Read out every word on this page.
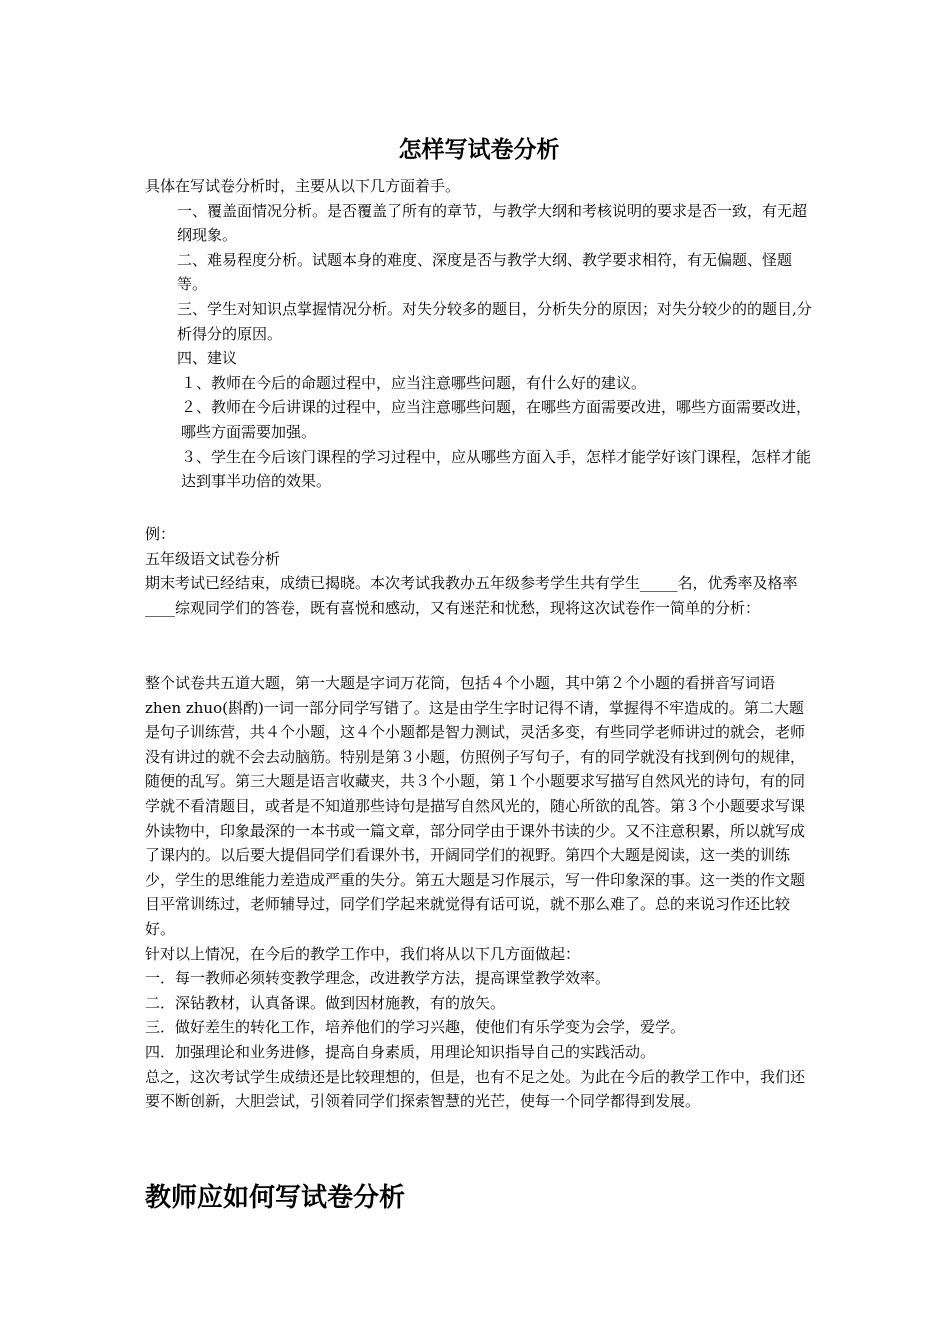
怎样写试卷分析

具体在写试卷分析时，主要从以下几方面着手。

一、覆盖面情况分析。是否覆盖了所有的章节，与教学大纲和考核说明的要求是否一致，有无超纲现象。

二、难易程度分析。试题本身的难度、深度是否与教学大纲、教学要求相符，有无偏题、怪题等。

三、学生对知识点掌握情况分析。对失分较多的题目，分析失分的原因；对失分较少的的题目,分析得分的原因。

四、建议

１、教师在今后的命题过程中，应当注意哪些问题，有什么好的建议。

２、教师在今后讲课的过程中，应当注意哪些问题，在哪些方面需要改进，哪些方面需要改进，哪些方面需要加强。

３、学生在今后该门课程的学习过程中，应从哪些方面入手，怎样才能学好该门课程，怎样才能达到事半功倍的效果。

例：

五年级语文试卷分析

期末考试已经结束，成绩已揭晓。本次考试我教办五年级参考学生共有学生_____名，优秀率及格率____综观同学们的答卷，既有喜悦和感动，又有迷茫和忧愁，现将这次试卷作一简单的分析：

整个试卷共五道大题，第一大题是字词万花筒，包括４个小题，其中第２个小题的看拼音写词语 zhen zhuo(斟酌)一词一部分同学写错了。这是由学生字时记得不请，掌握得不牢造成的。第二大题是句子训练营，共４个小题，这４个小题都是智力测试，灵活多变，有些同学老师讲过的就会，老师没有讲过的就不会去动脑筋。特别是第３小题，仿照例子写句子，有的同学就没有找到例句的规律，随便的乱写。第三大题是语言收藏夹，共３个小题，第１个小题要求写描写自然风光的诗句，有的同学就不看清题目，或者是不知道那些诗句是描写自然风光的，随心所欲的乱答。第３个小题要求写课外读物中，印象最深的一本书或一篇文章，部分同学由于课外书读的少。又不注意积累，所以就写成了课内的。以后要大提倡同学们看课外书，开阔同学们的视野。第四个大题是阅读，这一类的训练少，学生的思维能力差造成严重的失分。第五大题是习作展示，写一件印象深的事。这一类的作文题目平常训练过，老师辅导过，同学们学起来就觉得有话可说，就不那么难了。总的来说习作还比较好。

针对以上情况，在今后的教学工作中，我们将从以下几方面做起：

一．每一教师必须转变教学理念，改进教学方法，提高课堂教学效率。

二．深钻教材，认真备课。做到因材施教，有的放矢。

三．做好差生的转化工作，培养他们的学习兴趣，使他们有乐学变为会学，爱学。

四．加强理论和业务进修，提高自身素质，用理论知识指导自己的实践活动。

总之，这次考试学生成绩还是比较理想的，但是，也有不足之处。为此在今后的教学工作中，我们还要不断创新，大胆尝试，引领着同学们探索智慧的光芒，使每一个同学都得到发展。

教师应如何写试卷分析
